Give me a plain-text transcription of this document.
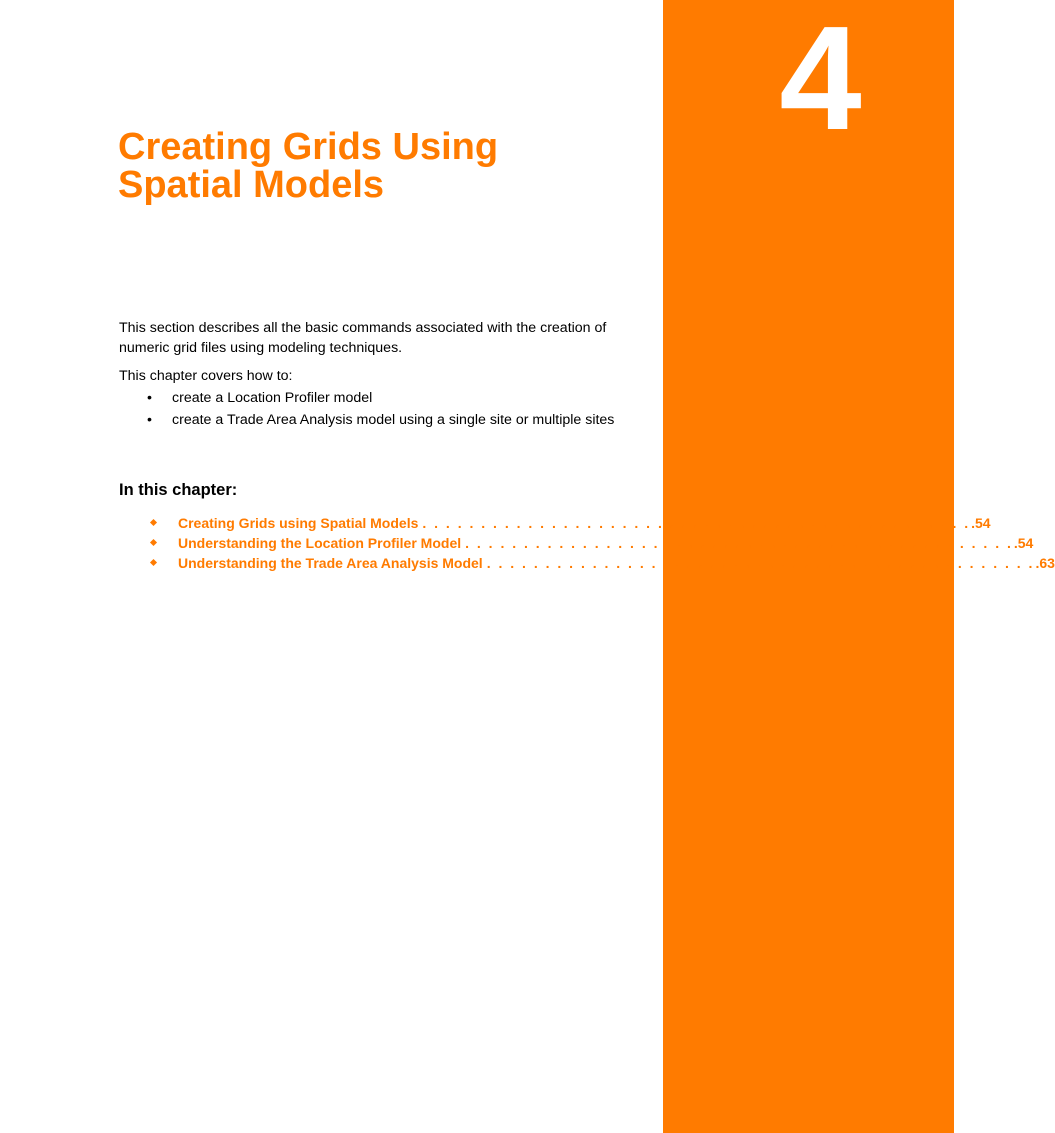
4
Creating Grids Using
Spatial Models

This section describes all the basic commands associated with the creation of numeric grid files using modeling techniques.

This chapter covers how to:

• create a Location Profiler model
• create a Trade Area Analysis model using a single site or multiple sites
In this chapter:
Creating Grids using Spatial Models . . . . . . . . . . . . . . . . . . . . . . . . . . . . . . . . . . . . . . . . . . . . . . . .54
Understanding the Location Profiler Model . . . . . . . . . . . . . . . . . . . . . . . . . . . . . . . . . . . . . . . . . . . . . . . .54
Understanding the Trade Area Analysis Model . . . . . . . . . . . . . . . . . . . . . . . . . . . . . . . . . . . . . . . . . . . . . . . .63
